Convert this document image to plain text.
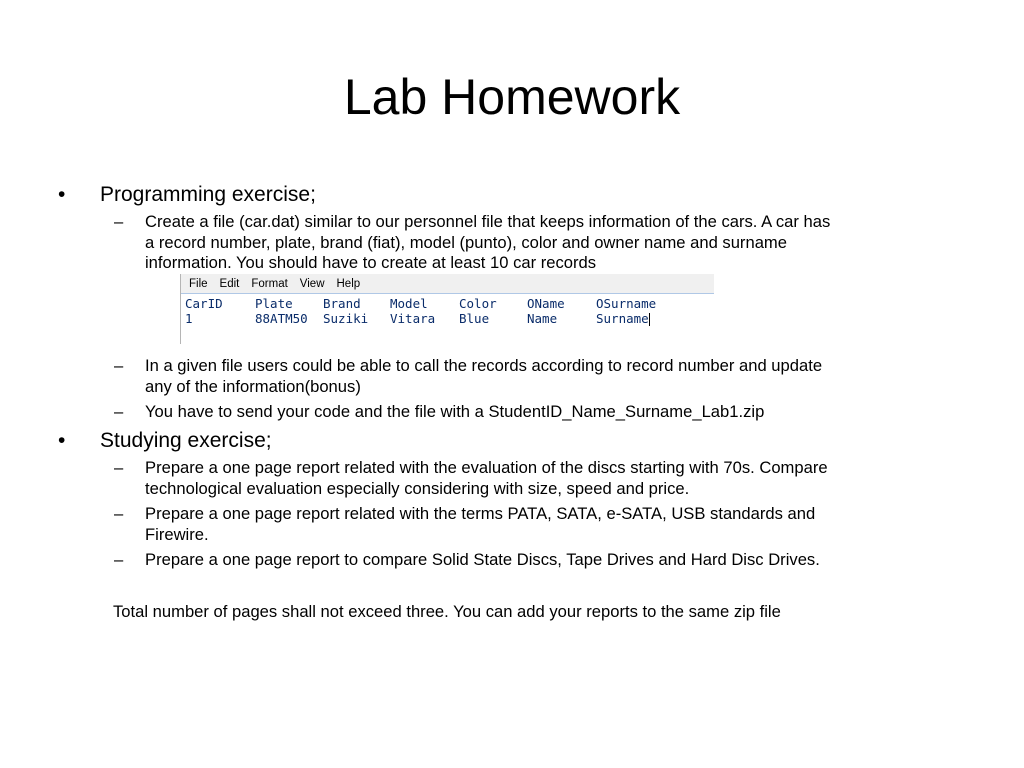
Lab Homework
•	Programming exercise;
– Create a file (car.dat) similar to our personnel file that keeps information of the cars. A car has
a record number, plate, brand (fiat), model (punto), color and owner name and surname
information. You should have to create at least 10 car records
File Edit Format View Help
CarID	Plate	Brand	Model	Color	OName	OSurname
1	88ATM50	Suziki	Vitara	Blue	Name	Surname
– In a given file users could be able to call the records according to record number and update
any of the information(bonus)
– You have to send your code and the file with a StudentID_Name_Surname_Lab1.zip
•	Studying exercise;
– Prepare a one page report related with the evaluation of the discs starting with 70s. Compare
technological evaluation especially considering with size, speed and price.
– Prepare a one page report related with the terms PATA, SATA, e-SATA, USB standards and
Firewire.
– Prepare a one page report to compare Solid State Discs, Tape Drives and Hard Disc Drives.
Total number of pages shall not exceed three. You can add your reports to the same zip file
